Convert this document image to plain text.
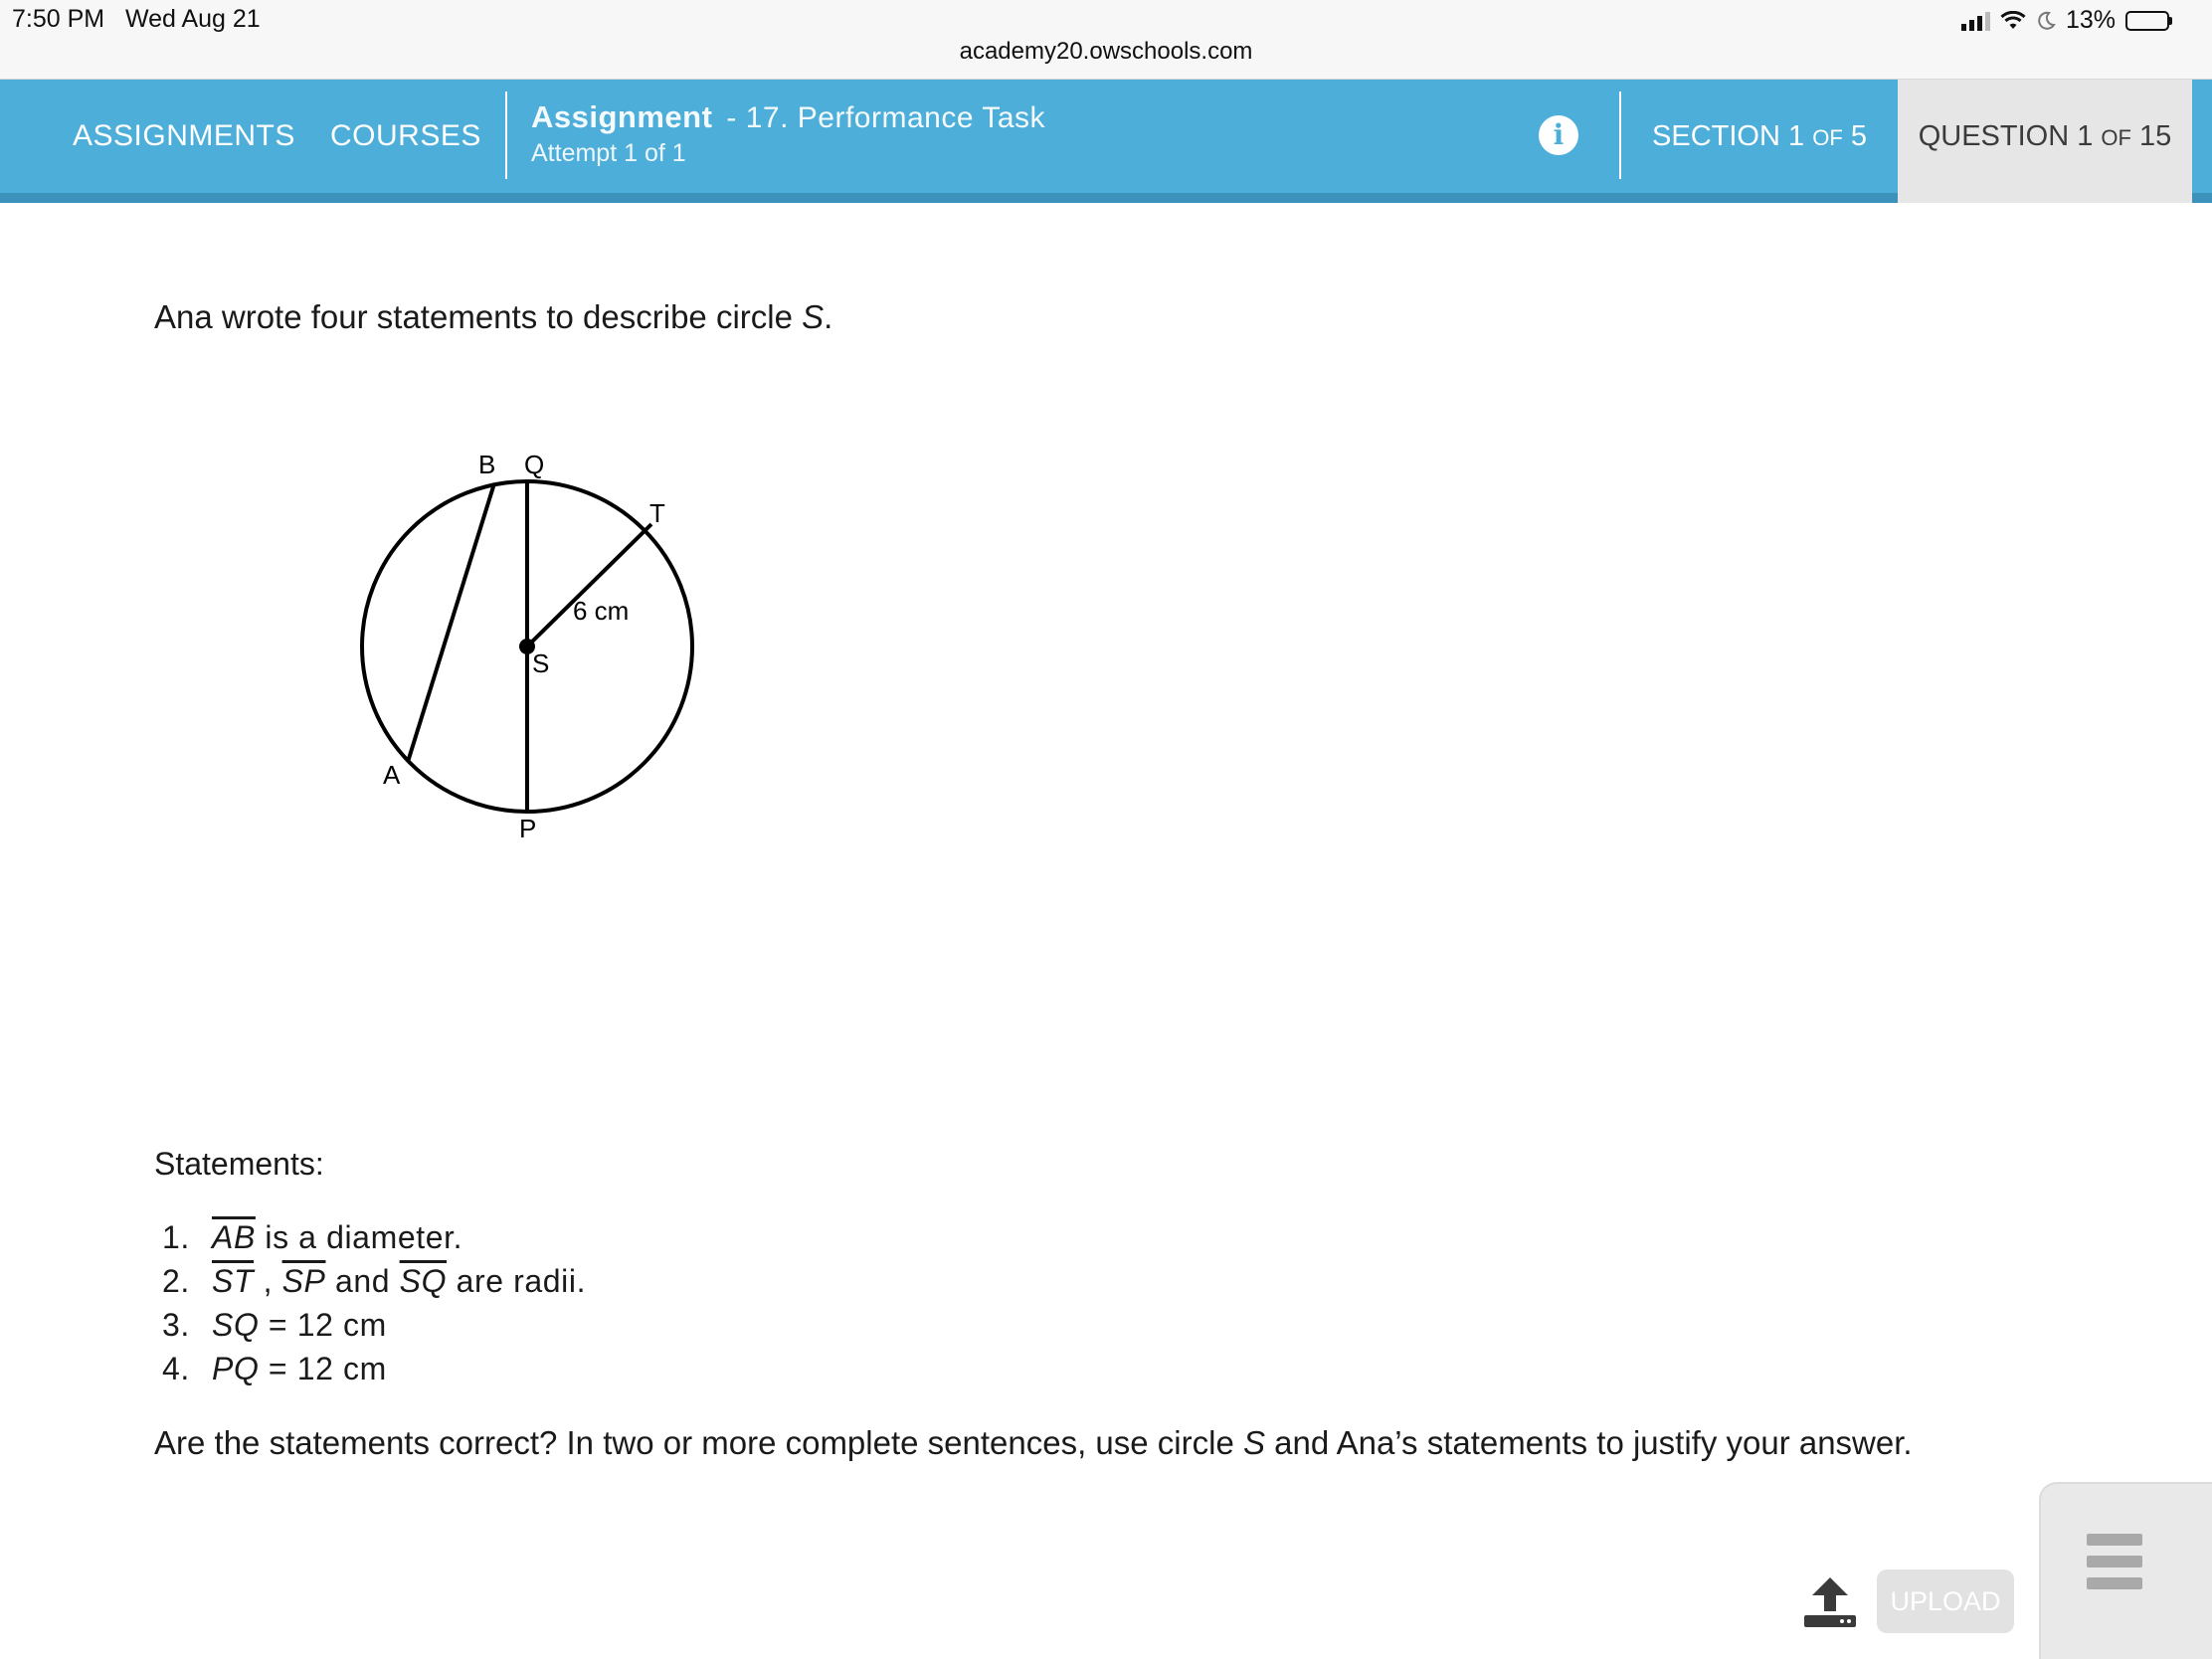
7:50 PM Wed Aug 21	13%
academy20.owschools.com
ASSIGNMENTS COURSES
Assignment - 17. Performance Task
Attempt 1 of 1
i	SECTION 1 OF 5	QUESTION 1 OF 15
Ana wrote four statements to describe circle S.
B Q
T
6 cm
S
A
P
Statements:
1. $\overline{AB}$ is a diameter.
2. $\overline{ST}$ , $\overline{SP}$ and $\overline{SQ}$ are radii.
3. SQ = 12 cm
4. PQ = 12 cm
Are the statements correct? In two or more complete sentences, use circle S and Ana’s statements to justify your answer.
UPLOAD
